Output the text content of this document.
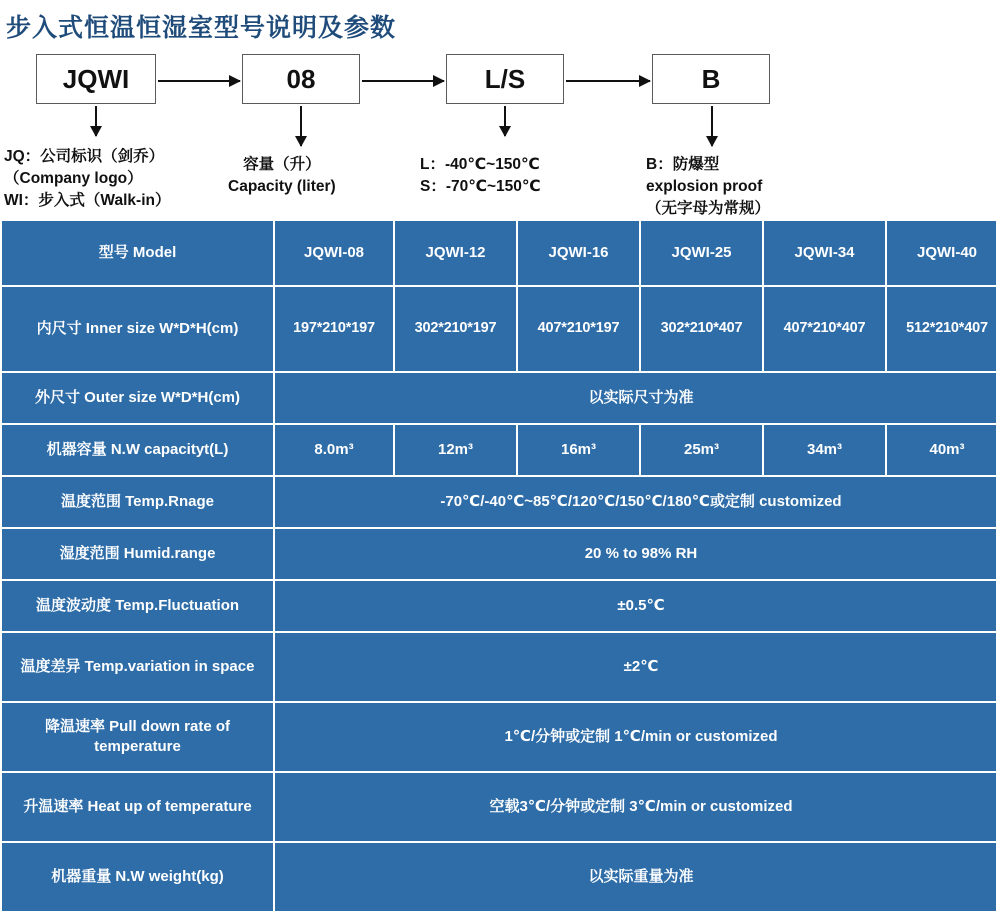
步入式恒温恒湿室型号说明及参数
JQWI	08	L/S	B
JQ：公司标识（剑乔）
（Company logo）
WI：步入式（Walk-in）
容量（升）
Capacity (liter)
L：-40℃~150℃
S：-70℃~150℃
B：防爆型
explosion proof
（无字母为常规）
型号 Model	JQWI-08	JQWI-12	JQWI-16	JQWI-25	JQWI-34	JQWI-40
内尺寸 Inner size W*D*H(cm)	197*210*197	302*210*197	407*210*197	302*210*407	407*210*407	512*210*407
外尺寸 Outer size W*D*H(cm)	以实际尺寸为准					
机器容量 N.W capacityt(L)	8.0m³	12m³	16m³	25m³	34m³	40m³
温度范围 Temp.Rnage	-70℃/-40℃~85℃/120℃/150℃/180℃或定制 customized					
湿度范围 Humid.range	20 % to 98% RH					
温度波动度 Temp.Fluctuation	±0.5℃					
温度差异 Temp.variation in space	±2℃					
降温速率 Pull down rate of temperature	1℃/分钟或定制 1℃/min or customized					
升温速率 Heat up of temperature	空载3℃/分钟或定制 3℃/min or customized					
机器重量 N.W weight(kg)	以实际重量为准					
